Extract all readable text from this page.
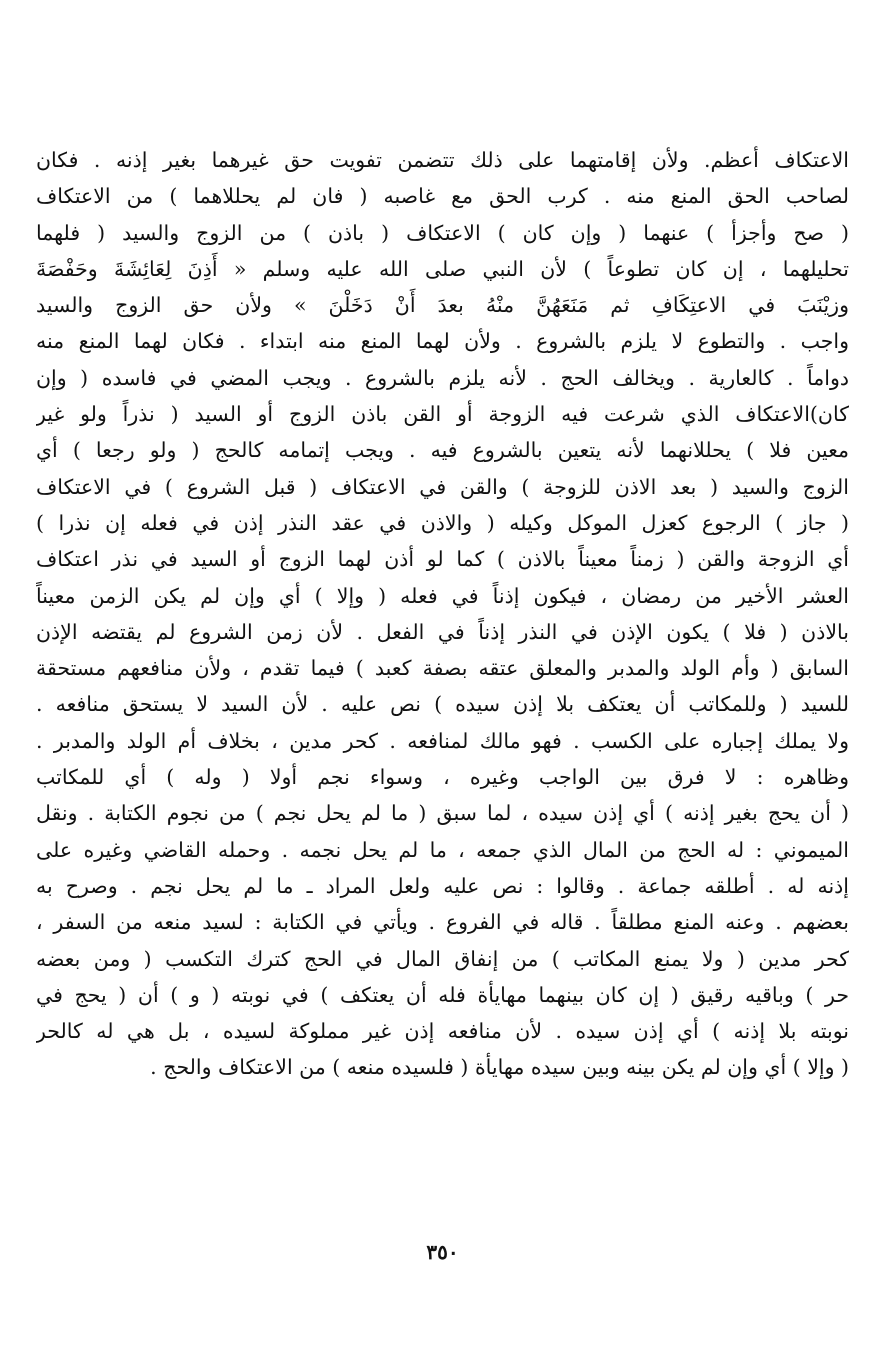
الاعتكاف أعظم. ولأن إقامتهما على ذلك تتضمن تفويت حق غيرهما بغير إذنه . فكان
لصاحب الحق المنع منه . كرب الحق مع غاصبه ( فان لم يحللاهما ) من الاعتكاف
( صح وأجزأ ) عنهما ( وإن كان ) الاعتكاف ( باذن ) من الزوج والسيد ( فلهما
تحليلهما ، إن كان تطوعاً ) لأن النبي صلى الله عليه وسلم « أَذِنَ لِعَائِشَةَ وحَفْصَةَ
وزيْنَبَ في الاعتِكَافِ ثم مَنَعَهُنَّ منْهُ بعدَ أَنْ دَخَلْنَ » ولأن حق الزوج والسيد
واجب . والتطوع لا يلزم بالشروع . ولأن لهما المنع منه ابتداء . فكان لهما المنع منه
دواماً . كالعارية . ويخالف الحج . لأنه يلزم بالشروع . ويجب المضي في فاسده ( وإن
كان)الاعتكاف الذي شرعت فيه الزوجة أو القن باذن الزوج أو السيد ( نذراً ولو غير
معين فلا ) يحللانهما لأنه يتعين بالشروع فيه . ويجب إتمامه كالحج ( ولو رجعا ) أي
الزوج والسيد ( بعد الاذن للزوجة ) والقن في الاعتكاف ( قبل الشروع ) في الاعتكاف
( جاز ) الرجوع كعزل الموكل وكيله ( والاذن في عقد النذر إذن في فعله إن نذرا )
أي الزوجة والقن ( زمناً معيناً بالاذن ) كما لو أذن لهما الزوج أو السيد في نذر اعتكاف
العشر الأخير من رمضان ، فيكون إذناً في فعله ( وإلا ) أي وإن لم يكن الزمن معيناً
بالاذن ( فلا ) يكون الإذن في النذر إذناً في الفعل . لأن زمن الشروع لم يقتضه الإذن
السابق ( وأم الولد والمدبر والمعلق عتقه بصفة كعبد ) فيما تقدم ، ولأن منافعهم مستحقة
للسيد ( وللمكاتب أن يعتكف بلا إذن سيده ) نص عليه . لأن السيد لا يستحق منافعه .
ولا يملك إجباره على الكسب . فهو مالك لمنافعه . كحر مدين ، بخلاف أم الولد والمدبر .
وظاهره : لا فرق بين الواجب وغيره ، وسواء نجم أولا ( وله ) أي للمكاتب
( أن يحج بغير إذنه ) أي إذن سيده ، لما سبق ( ما لم يحل نجم ) من نجوم الكتابة . ونقل
الميموني : له الحج من المال الذي جمعه ، ما لم يحل نجمه . وحمله القاضي وغيره على
إذنه له . أطلقه جماعة . وقالوا : نص عليه ولعل المراد ـ ما لم يحل نجم . وصرح به
بعضهم . وعنه المنع مطلقاً . قاله في الفروع . ويأتي في الكتابة : لسيد منعه من السفر ،
كحر مدين ( ولا يمنع المكاتب ) من إنفاق المال في الحج كترك التكسب ( ومن بعضه
حر ) وباقيه رقيق ( إن كان بينهما مهايأة فله أن يعتكف ) في نوبته ( و ) أن ( يحج في
نوبته بلا إذنه ) أي إذن سيده . لأن منافعه إذن غير مملوكة لسيده ، بل هي له كالحر
( وإلا ) أي وإن لم يكن بينه وبين سيده مهايأة ( فلسيده منعه ) من الاعتكاف والحج .
٣٥٠
